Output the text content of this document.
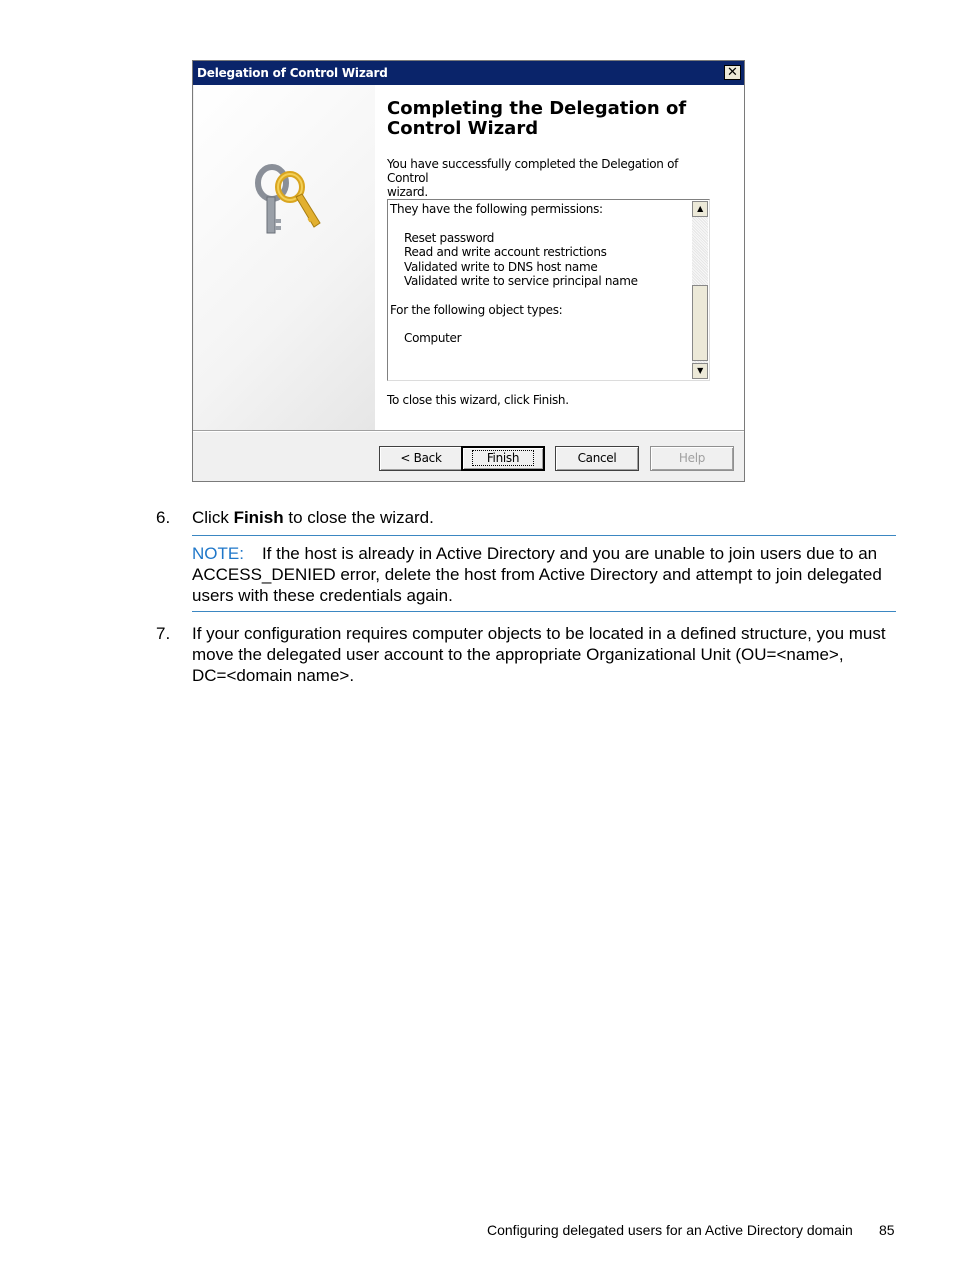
Delegation of Control Wizard	✕
Completing the Delegation of
Control Wizard
You have successfully completed the Delegation of Control
wizard.
They have the following permissions:
Reset password
Read and write account restrictions
Validated write to DNS host name
Validated write to service principal name
For the following object types:
Computer
▲
▼
To close this wizard, click Finish.
< Back	Finish	Cancel	Help
6. Click Finish to close the wizard.
NOTE: If the host is already in Active Directory and you are unable to join users due to an
ACCESS_DENIED error, delete the host from Active Directory and attempt to join delegated
users with these credentials again.
7. If your configuration requires computer objects to be located in a defined structure, you must
move the delegated user account to the appropriate Organizational Unit (OU=<name>,
DC=<domain name>.
Configuring delegated users for an Active Directory domain 85
